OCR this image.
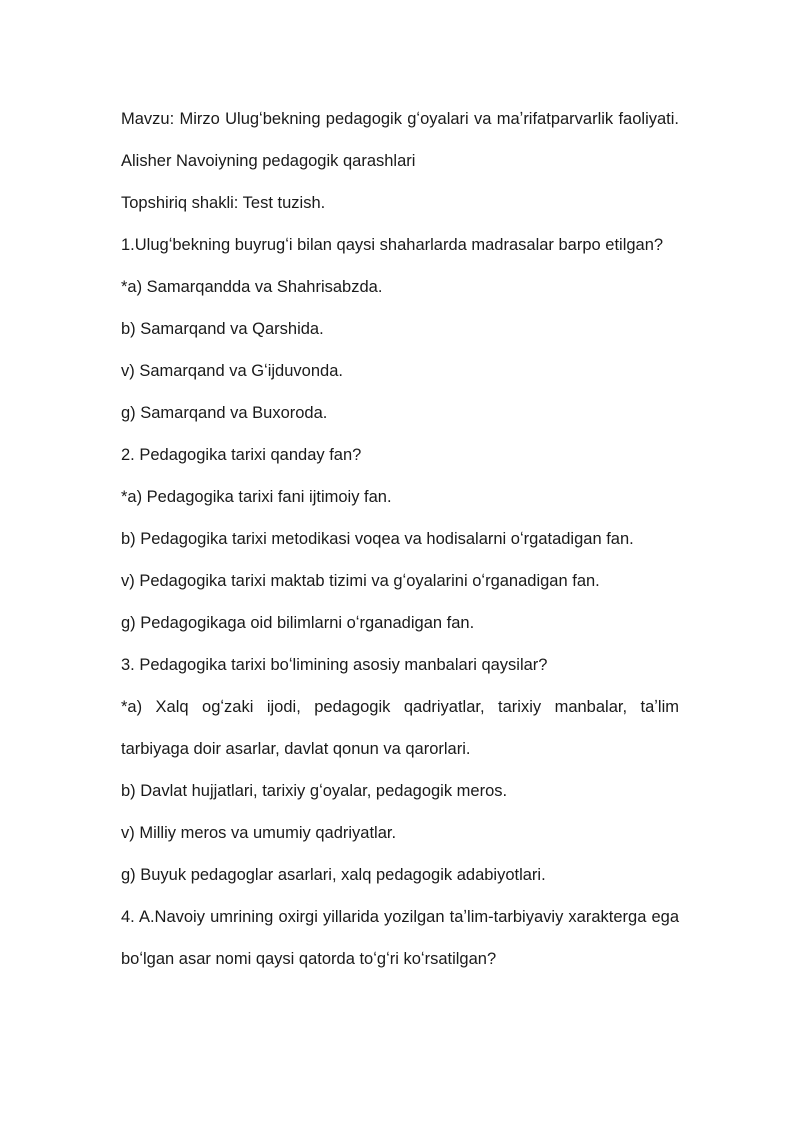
Mavzu: Mirzo Ulugʻbekning pedagogik gʻoyalari va maʼrifatparvarlik faoliyati. Alisher Navoiyning pedagogik qarashlari

Topshiriq shakli: Test tuzish.

1.Ulugʻbekning buyrugʻi bilan qaysi shaharlarda madrasalar barpo etilgan?

*a) Samarqandda va Shahrisabzda.

b) Samarqand va Qarshida.

v) Samarqand va Gʻijduvonda.

g) Samarqand va Buxoroda.

2. Pedagogika tarixi qanday fan?

*a) Pedagogika tarixi fani ijtimoiy fan.

b) Pedagogika tarixi metodikasi voqea va hodisalarni oʻrgatadigan fan.

v) Pedagogika tarixi maktab tizimi va gʻoyalarini oʻrganadigan fan.

g) Pedagogikaga oid bilimlarni oʻrganadigan fan.

3. Pedagogika tarixi boʻlimining asosiy manbalari qaysilar?

*a) Xalq ogʻzaki ijodi, pedagogik qadriyatlar, tarixiy manbalar, taʼlim tarbiyaga doir asarlar, davlat qonun va qarorlari.

b) Davlat hujjatlari, tarixiy gʻoyalar, pedagogik meros.

v) Milliy meros va umumiy qadriyatlar.

g) Buyuk pedagoglar asarlari, xalq pedagogik adabiyotlari.

4. A.Navoiy umrining oxirgi yillarida yozilgan taʼlim-tarbiyaviy xarakterga ega boʻlgan asar nomi qaysi qatorda toʻgʻri koʻrsatilgan?
